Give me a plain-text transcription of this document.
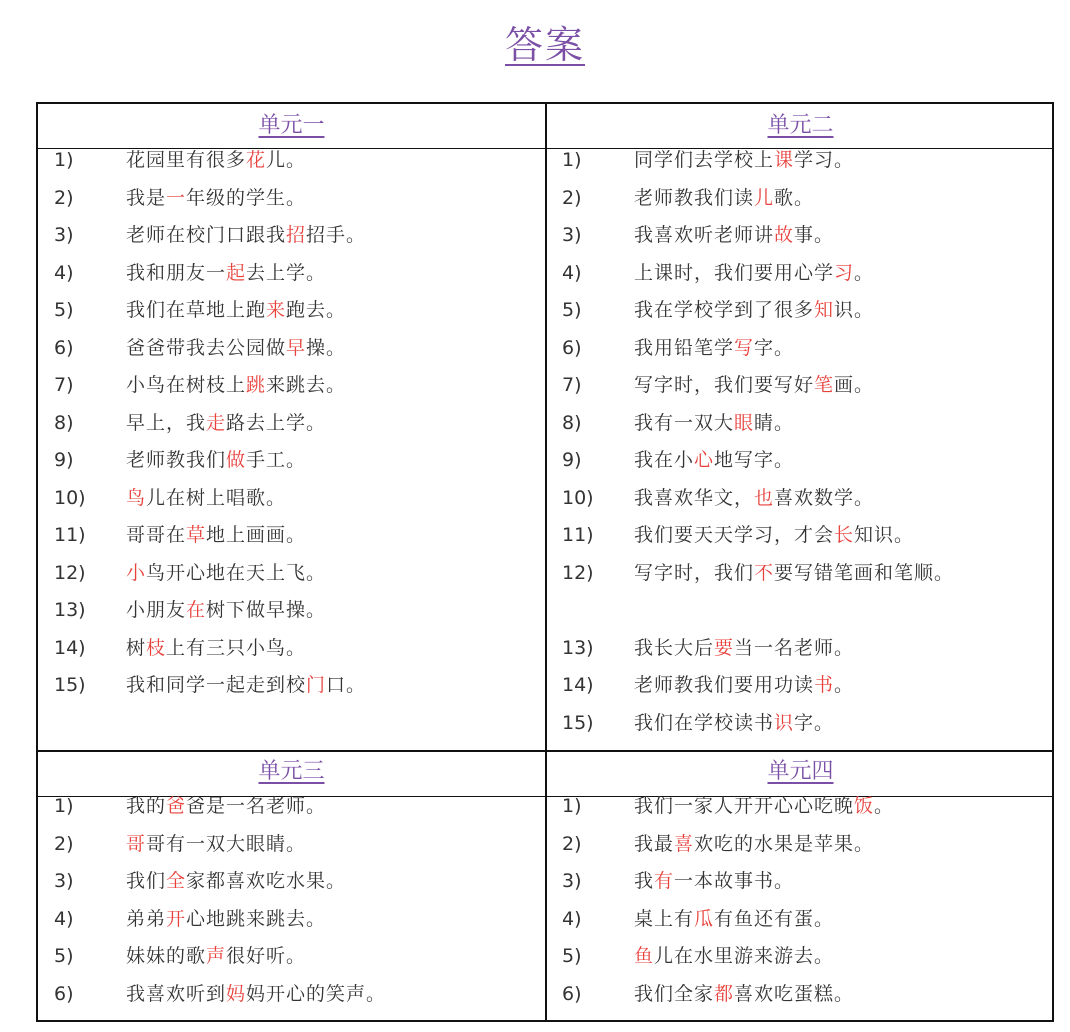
答案
单元一	单元二
1)	花园里有很多花儿。
2)	我是一年级的学生。
3)	老师在校门口跟我招招手。
4)	我和朋友一起去上学。
5)	我们在草地上跑来跑去。
6)	爸爸带我去公园做早操。
7)	小鸟在树枝上跳来跳去。
8)	早上，我走路去上学。
9)	老师教我们做手工。
10)	鸟儿在树上唱歌。
11)	哥哥在草地上画画。
12)	小鸟开心地在天上飞。
13)	小朋友在树下做早操。
14)	树枝上有三只小鸟。
15)	我和同学一起走到校门口。
1)	同学们去学校上课学习。
2)	老师教我们读儿歌。
3)	我喜欢听老师讲故事。
4)	上课时，我们要用心学习。
5)	我在学校学到了很多知识。
6)	我用铅笔学写字。
7)	写字时，我们要写好笔画。
8)	我有一双大眼睛。
9)	我在小心地写字。
10)	我喜欢华文，也喜欢数学。
11)	我们要天天学习，才会长知识。
12)	写字时，我们不要写错笔画和笔顺。
13)	我长大后要当一名老师。
14)	老师教我们要用功读书。
15)	我们在学校读书识字。
单元三	单元四
1)	我的爸爸是一名老师。
2)	哥哥有一双大眼睛。
3)	我们全家都喜欢吃水果。
4)	弟弟开心地跳来跳去。
5)	妹妹的歌声很好听。
6)	我喜欢听到妈妈开心的笑声。
1)	我们一家人开开心心吃晚饭。
2)	我最喜欢吃的水果是苹果。
3)	我有一本故事书。
4)	桌上有瓜有鱼还有蛋。
5)	鱼儿在水里游来游去。
6)	我们全家都喜欢吃蛋糕。
